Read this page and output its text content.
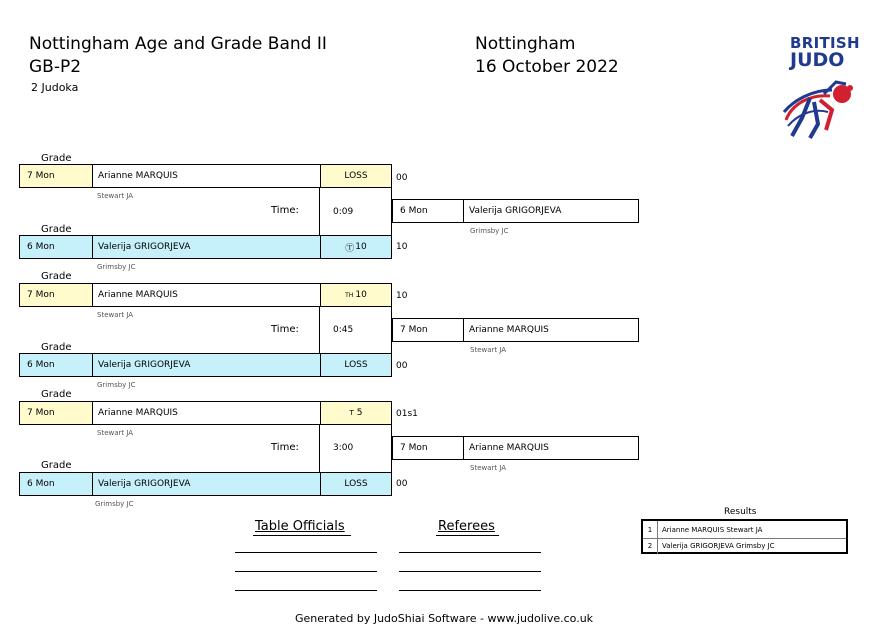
Nottingham Age and Grade Band II
GB-P2
2 Judoka
Nottingham
16 October 2022
BRITISH
JUDO
Grade
7 Mon	Arianne MARQUIS	LOSS
Stewart JA
00
Time:	0:09	6 Mon	Valerija GRIGORJEVA
Grimsby JC
Grade
6 Mon	Valerija GRIGORJEVA	Ⓣ 10
Grimsby JC
10
Grade
7 Mon	Arianne MARQUIS	TH 10
Stewart JA
10
Time:	0:45	7 Mon	Arianne MARQUIS
Stewart JA
Grade
6 Mon	Valerija GRIGORJEVA	LOSS
Grimsby JC
00
Grade
7 Mon	Arianne MARQUIS	T 5
Stewart JA
01s1
Time:	3:00	7 Mon	Arianne MARQUIS
Stewart JA
Grade
6 Mon	Valerija GRIGORJEVA	LOSS
Grimsby JC
00
Results
1	Arianne MARQUIS Stewart JA
2	Valerija GRIGORJEVA Grimsby JC
Table Officials	Referees
Generated by JudoShiai Software - www.judolive.co.uk
